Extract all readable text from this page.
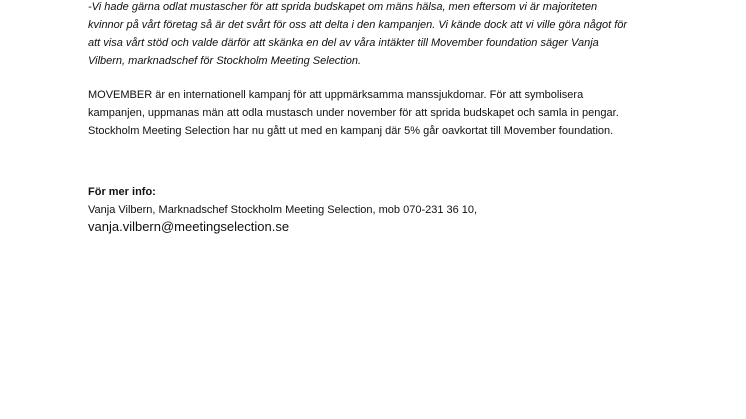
-Vi hade gärna odlat mustascher för att sprida budskapet om mäns hälsa, men eftersom vi är majoriteten
kvinnor på vårt företag så är det svårt för oss att delta i den kampanjen. Vi kände dock att vi ville göra något för
att visa vårt stöd och valde därför att skänka en del av våra intäkter till Movember foundation säger Vanja
Vilbern, marknadschef för Stockholm Meeting Selection.

MOVEMBER är en internationell kampanj för att uppmärksamma manssjukdomar. För att symbolisera
kampanjen, uppmanas män att odla mustasch under november för att sprida budskapet och samla in pengar.
Stockholm Meeting Selection har nu gått ut med en kampanj där 5% går oavkortat till Movember foundation.

För mer info:

Vanja Vilbern, Marknadschef Stockholm Meeting Selection, mob 070-231 36 10,

vanja.vilbern@meetingselection.se
